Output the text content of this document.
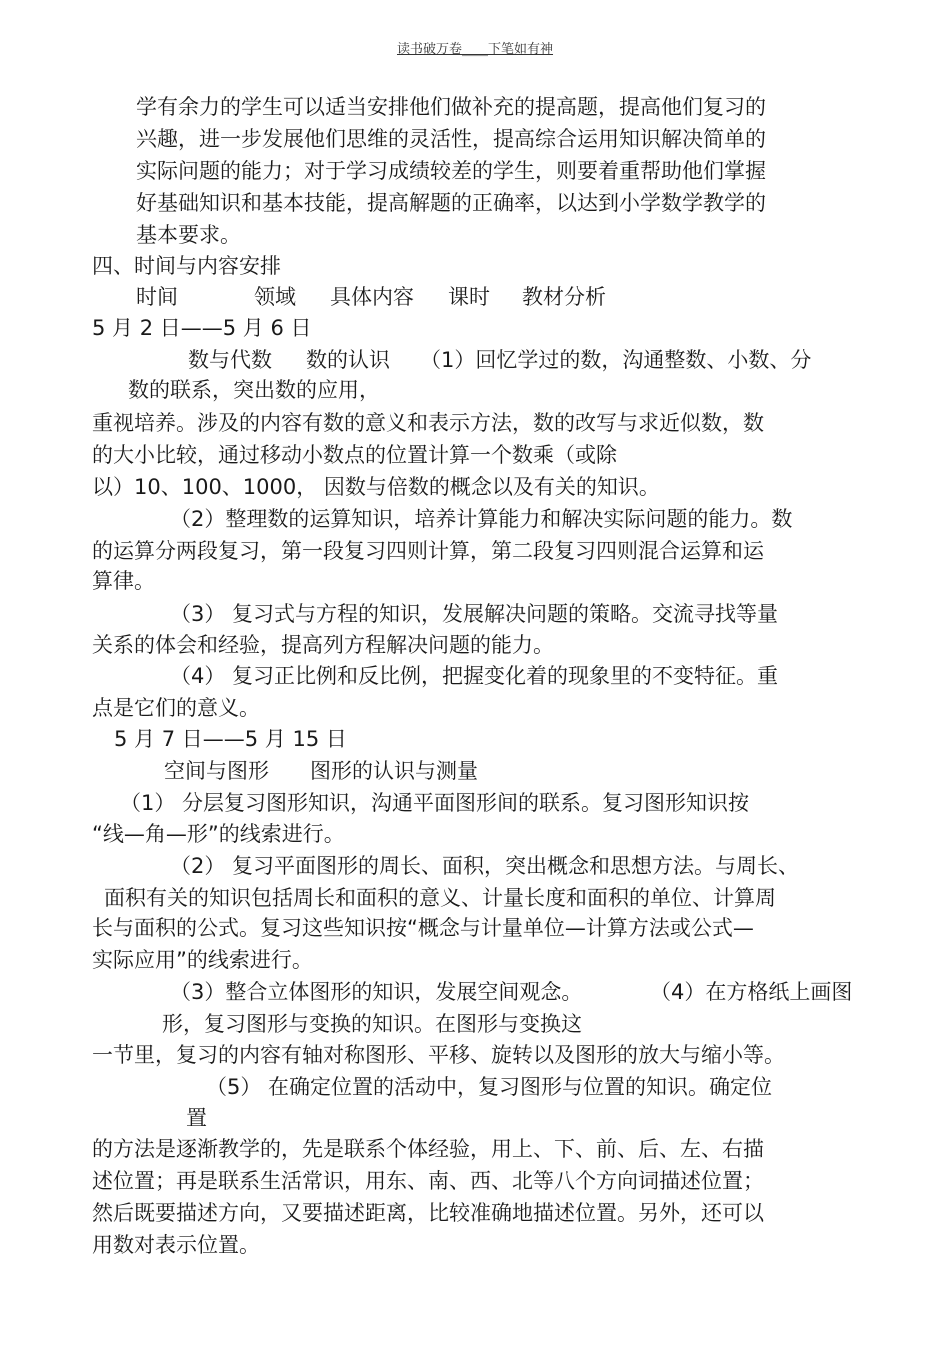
读书破万卷____下笔如有神
学有余力的学生可以适当安排他们做补充的提高题，提高他们复习的
兴趣，进一步发展他们思维的灵活性，提高综合运用知识解决简单的
实际问题的能力；对于学习成绩较差的学生，则要着重帮助他们掌握
好基础知识和基本技能，提高解题的正确率，以达到小学数学教学的
基本要求。
四、时间与内容安排
时间	领域 具体内容 课时 教材分析
5 月 2 日——5 月 6 日
数与代数 数的认识 （1）回忆学过的数，沟通整数、小数、分
数的联系，突出数的应用，
重视培养。涉及的内容有数的意义和表示方法，数的改写与求近似数，数
的大小比较，通过移动小数点的位置计算一个数乘（或除
以）10、100、1000， 因数与倍数的概念以及有关的知识。
（2）整理数的运算知识，培养计算能力和解决实际问题的能力。数
的运算分两段复习，第一段复习四则计算，第二段复习四则混合运算和运
算律。
（3） 复习式与方程的知识，发展解决问题的策略。交流寻找等量
关系的体会和经验，提高列方程解决问题的能力。
（4） 复习正比例和反比例，把握变化着的现象里的不变特征。重
点是它们的意义。
5 月 7 日——5 月 15 日
空间与图形 图形的认识与测量
（1） 分层复习图形知识，沟通平面图形间的联系。复习图形知识按
“线—角—形”的线索进行。
（2） 复习平面图形的周长、面积，突出概念和思想方法。与周长、
面积有关的知识包括周长和面积的意义、计量长度和面积的单位、计算周
长与面积的公式。复习这些知识按“概念与计量单位—计算方法或公式—
实际应用”的线索进行。
（3）整合立体图形的知识，发展空间观念。	（4）在方格纸上画图
形，复习图形与变换的知识。在图形与变换这
一节里，复习的内容有轴对称图形、平移、旋转以及图形的放大与缩小等。
（5） 在确定位置的活动中，复习图形与位置的知识。确定位
置
的方法是逐渐教学的，先是联系个体经验，用上、下、前、后、左、右描
述位置；再是联系生活常识，用东、南、西、北等八个方向词描述位置；
然后既要描述方向，又要描述距离，比较准确地描述位置。另外，还可以
用数对表示位置。
